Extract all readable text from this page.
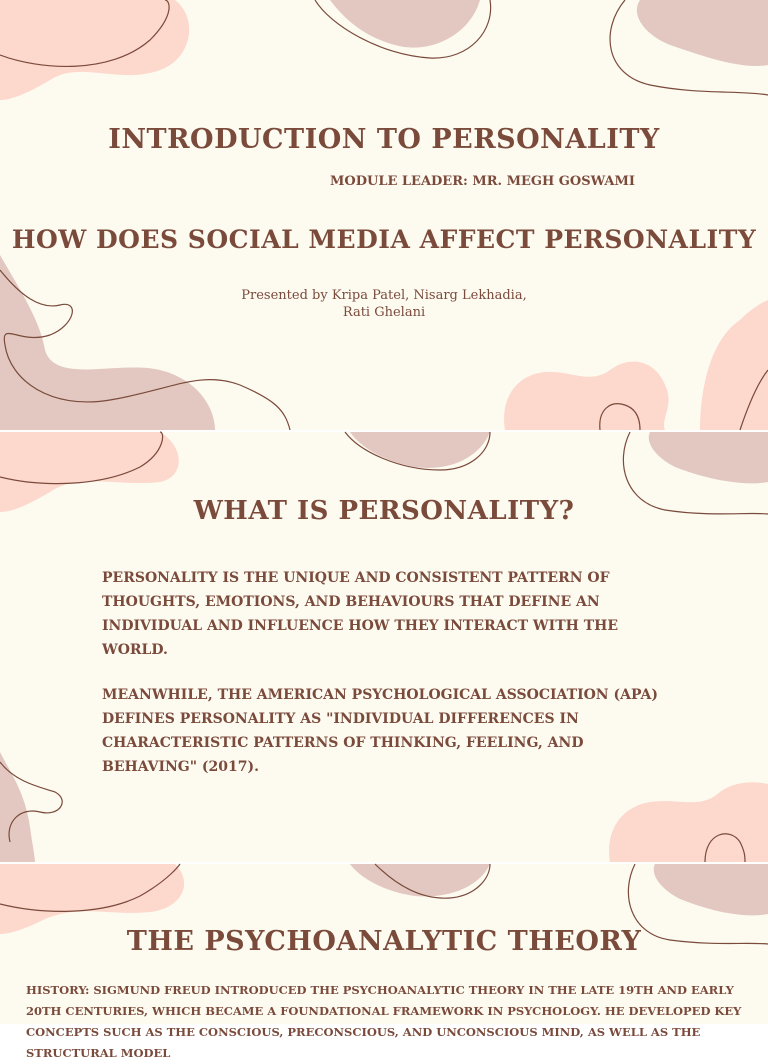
INTRODUCTION TO PERSONALITY

MODULE LEADER: MR. MEGH GOSWAMI

HOW DOES SOCIAL MEDIA AFFECT PERSONALITY

Presented by Kripa Patel, Nisarg Lekhadia,

Rati Ghelani

WHAT IS PERSONALITY?

PERSONALITY IS THE UNIQUE AND CONSISTENT PATTERN OF THOUGHTS, EMOTIONS, AND BEHAVIOURS THAT DEFINE AN INDIVIDUAL AND INFLUENCE HOW THEY INTERACT WITH THE WORLD.

MEANWHILE, THE AMERICAN PSYCHOLOGICAL ASSOCIATION (APA) DEFINES PERSONALITY AS "INDIVIDUAL DIFFERENCES IN CHARACTERISTIC PATTERNS OF THINKING, FEELING, AND BEHAVING" (2017).

THE PSYCHOANALYTIC THEORY

HISTORY: SIGMUND FREUD INTRODUCED THE PSYCHOANALYTIC THEORY IN THE LATE 19TH AND EARLY 20TH CENTURIES, WHICH BECAME A FOUNDATIONAL FRAMEWORK IN PSYCHOLOGY. HE DEVELOPED KEY CONCEPTS SUCH AS THE CONSCIOUS, PRECONSCIOUS, AND UNCONSCIOUS MIND, AS WELL AS THE STRUCTURAL MODEL
